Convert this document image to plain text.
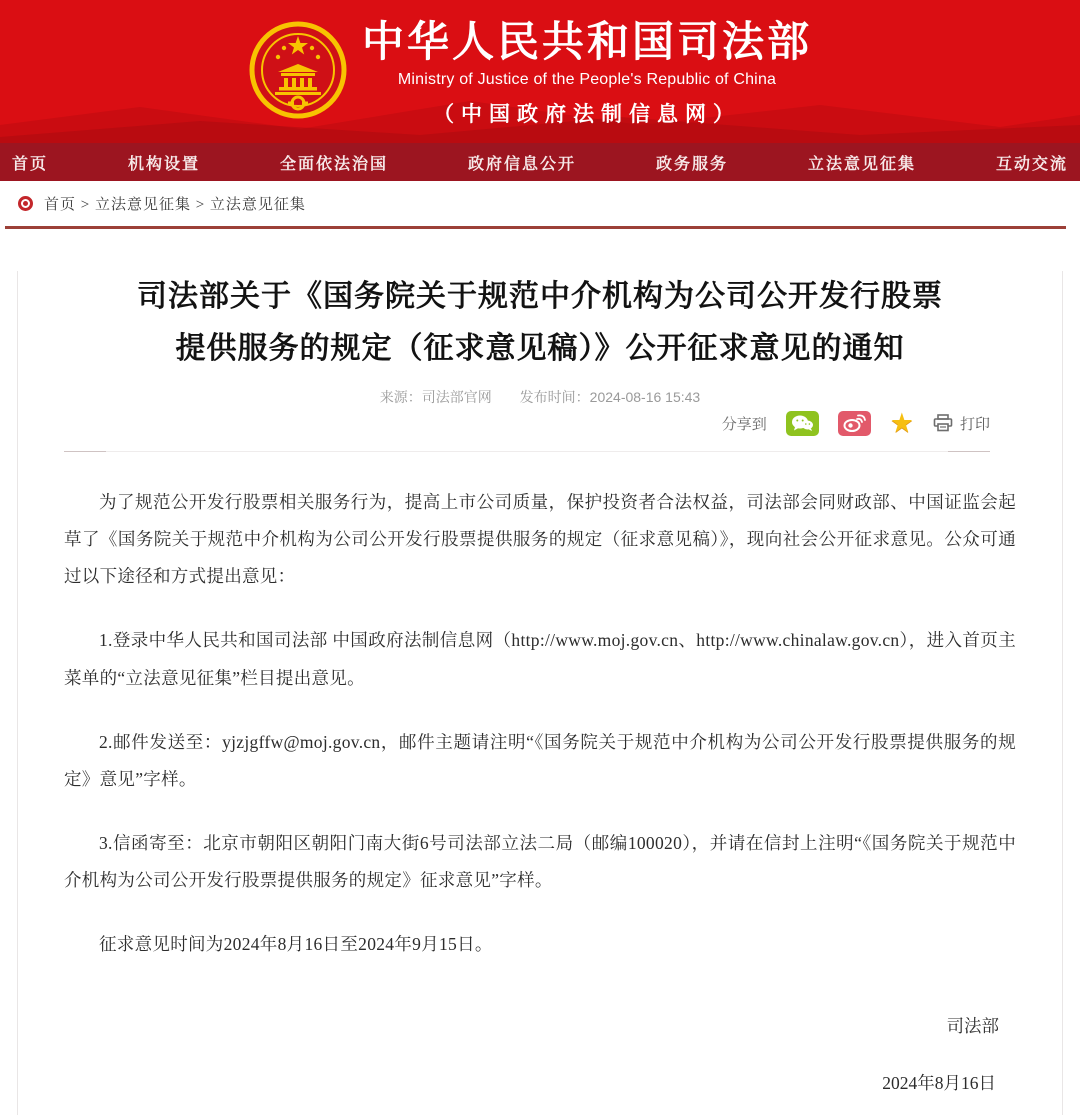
中华人民共和国司法部
Ministry of Justice of the People's Republic of China
（中国政府法制信息网）
首页	机构设置	全面依法治国	政府信息公开	政务服务	立法意见征集	互动交流
首页 > 立法意见征集 > 立法意见征集
司法部关于《国务院关于规范中介机构为公司公开发行股票
提供服务的规定（征求意见稿）》公开征求意见的通知
来源：司法部官网 发布时间：2024-08-16 15:43
分享到	★	打印

为了规范公开发行股票相关服务行为，提高上市公司质量，保护投资者合法权益，司法部会同财政部、中国证监会起草了《国务院关于规范中介机构为公司公开发行股票提供服务的规定（征求意见稿）》，现向社会公开征求意见。公众可通过以下途径和方式提出意见：

1.登录中华人民共和国司法部 中国政府法制信息网（http://www.moj.gov.cn、http://www.chinalaw.gov.cn），进入首页主菜单的“立法意见征集”栏目提出意见。

2.邮件发送至：yjzjgffw@moj.gov.cn，邮件主题请注明“《国务院关于规范中介机构为公司公开发行股票提供服务的规定》意见”字样。

3.信函寄至：北京市朝阳区朝阳门南大街6号司法部立法二局（邮编100020），并请在信封上注明“《国务院关于规范中介机构为公司公开发行股票提供服务的规定》征求意见”字样。

征求意见时间为2024年8月16日至2024年9月15日。

司法部
2024年8月16日
